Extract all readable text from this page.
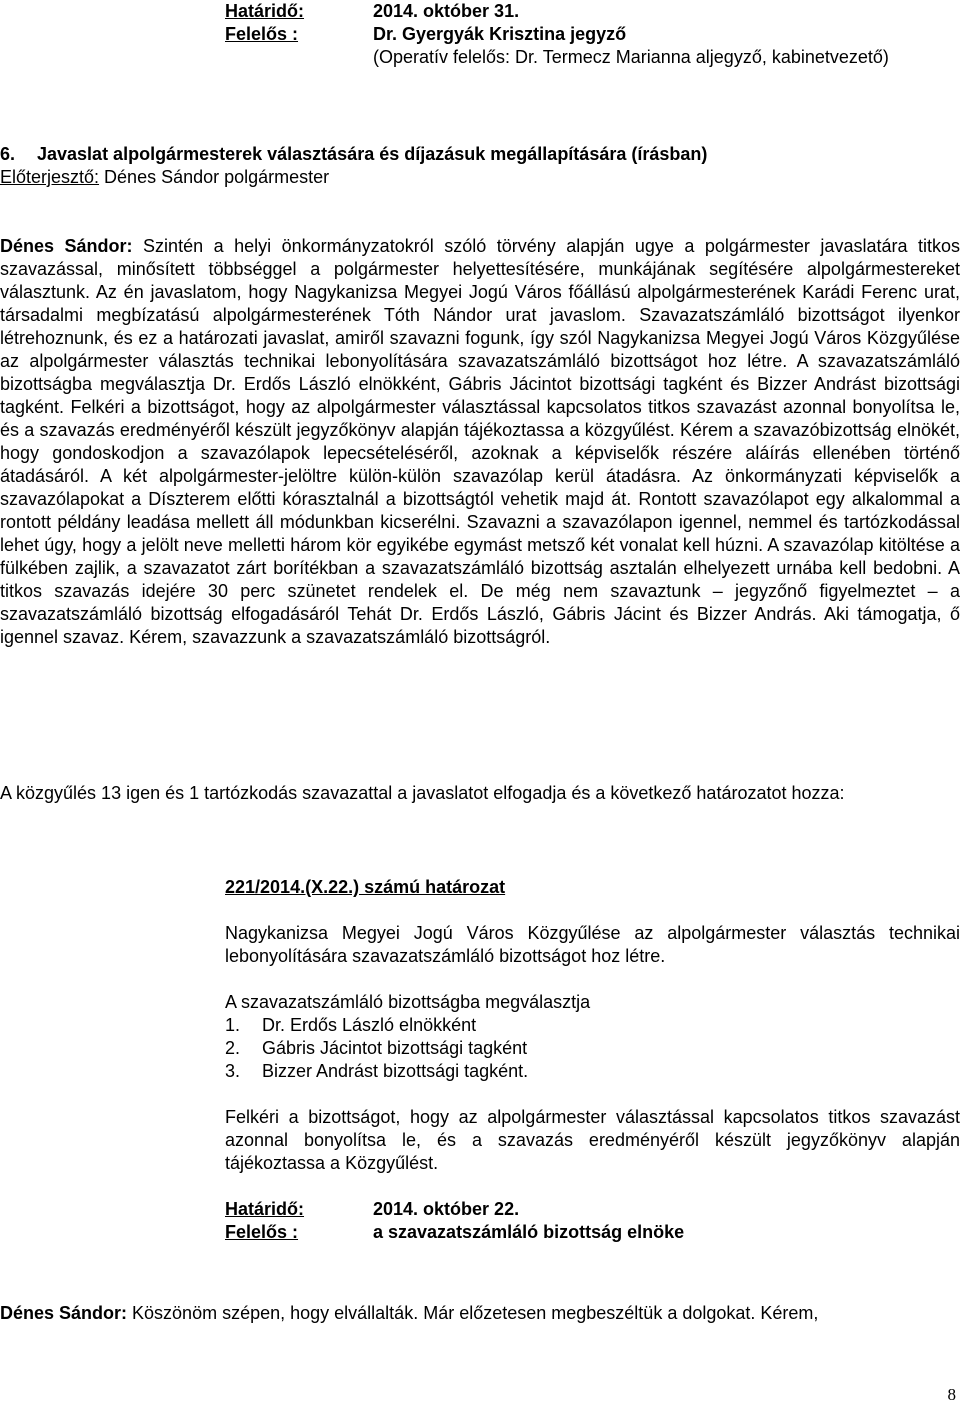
Határidő:	2014. október 31.
Felelős :	Dr. Gyergyák Krisztina jegyző
(Operatív felelős: Dr. Termecz Marianna aljegyző, kabinetvezető)
6. Javaslat alpolgármesterek választására és díjazásuk megállapítására (írásban)
Előterjesztő: Dénes Sándor polgármester
Dénes Sándor: Szintén a helyi önkormányzatokról szóló törvény alapján ugye a polgármester javaslatára titkos szavazással, minősített többséggel a polgármester helyettesítésére, munkájának segítésére alpolgármestereket választunk. Az én javaslatom, hogy Nagykanizsa Megyei Jogú Város főállású alpolgármesterének Karádi Ferenc urat, társadalmi megbízatású alpolgármesterének Tóth Nándor urat javaslom. Szavazatszámláló bizottságot ilyenkor létrehoznunk, és ez a határozati javaslat, amiről szavazni fogunk, így szól Nagykanizsa Megyei Jogú Város Közgyűlése az alpolgármester választás technikai lebonyolítására szavazatszámláló bizottságot hoz létre. A szavazatszámláló bizottságba megválasztja Dr. Erdős László elnökként, Gábris Jácintot bizottsági tagként és Bizzer Andrást bizottsági tagként. Felkéri a bizottságot, hogy az alpolgármester választással kapcsolatos titkos szavazást azonnal bonyolítsa le, és a szavazás eredményéről készült jegyzőkönyv alapján tájékoztassa a közgyűlést. Kérem a szavazóbizottság elnökét, hogy gondoskodjon a szavazólapok lepecsételéséről, azoknak a képviselők részére aláírás ellenében történő átadásáról. A két alpolgármester-jelöltre külön-külön szavazólap kerül átadásra. Az önkormányzati képviselők a szavazólapokat a Díszterem előtti kórasztalnál a bizottságtól vehetik majd át. Rontott szavazólapot egy alkalommal a rontott példány leadása mellett áll módunkban kicserélni. Szavazni a szavazólapon igennel, nemmel és tartózkodással lehet úgy, hogy a jelölt neve melletti három kör egyikébe egymást metsző két vonalat kell húzni. A szavazólap kitöltése a fülkében zajlik, a szavazatot zárt borítékban a szavazatszámláló bizottság asztalán elhelyezett urnába kell bedobni. A titkos szavazás idejére 30 perc szünetet rendelek el. De még nem szavaztunk – jegyzőnő figyelmeztet – a szavazatszámláló bizottság elfogadásáról Tehát Dr. Erdős László, Gábris Jácint és Bizzer András. Aki támogatja, ő igennel szavaz. Kérem, szavazzunk a szavazatszámláló bizottságról.
A közgyűlés 13 igen és 1 tartózkodás szavazattal a javaslatot elfogadja és a következő határozatot hozza:
221/2014.(X.22.) számú határozat
Nagykanizsa Megyei Jogú Város Közgyűlése az alpolgármester választás technikai lebonyolítására szavazatszámláló bizottságot hoz létre.
A szavazatszámláló bizottságba megválasztja
1.	Dr. Erdős László elnökként
2.	Gábris Jácintot bizottsági tagként
3.	Bizzer Andrást bizottsági tagként.
Felkéri a bizottságot, hogy az alpolgármester választással kapcsolatos titkos szavazást azonnal bonyolítsa le, és a szavazás eredményéről készült jegyzőkönyv alapján tájékoztassa a Közgyűlést.
Határidő:	2014. október 22.
Felelős :	a szavazatszámláló bizottság elnöke
Dénes Sándor: Köszönöm szépen, hogy elvállalták. Már előzetesen megbeszéltük a dolgokat. Kérem,
8
